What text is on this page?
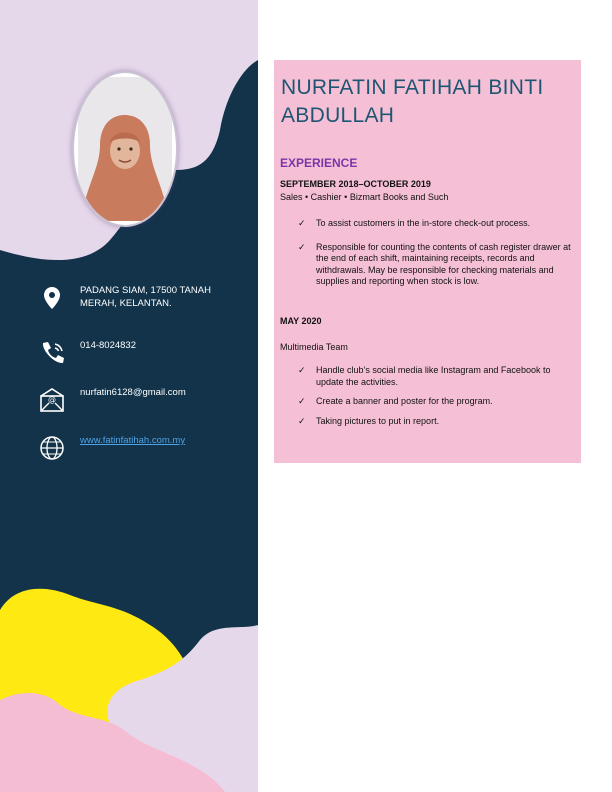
PADANG SIAM, 17500 TANAH MERAH, KELANTAN.
014-8024832
@
nurfatin6128@gmail.com
www.fatinfatihah.com.my
NURFATIN FATIHAH BINTI ABDULLAH
EXPERIENCE
SEPTEMBER 2018–OCTOBER 2019
Sales • Cashier • Bizmart Books and Such
✓ To assist customers in the in-store check-out process.
✓ Responsible for counting the contents of cash register drawer at the end of each shift, maintaining receipts, records and withdrawals. May be responsible for checking materials and supplies and reporting when stock is low.
MAY 2020
Multimedia Team
✓ Handle club’s social media like Instagram and Facebook to update the activities.
✓ Create a banner and poster for the program.
✓ Taking pictures to put in report.
